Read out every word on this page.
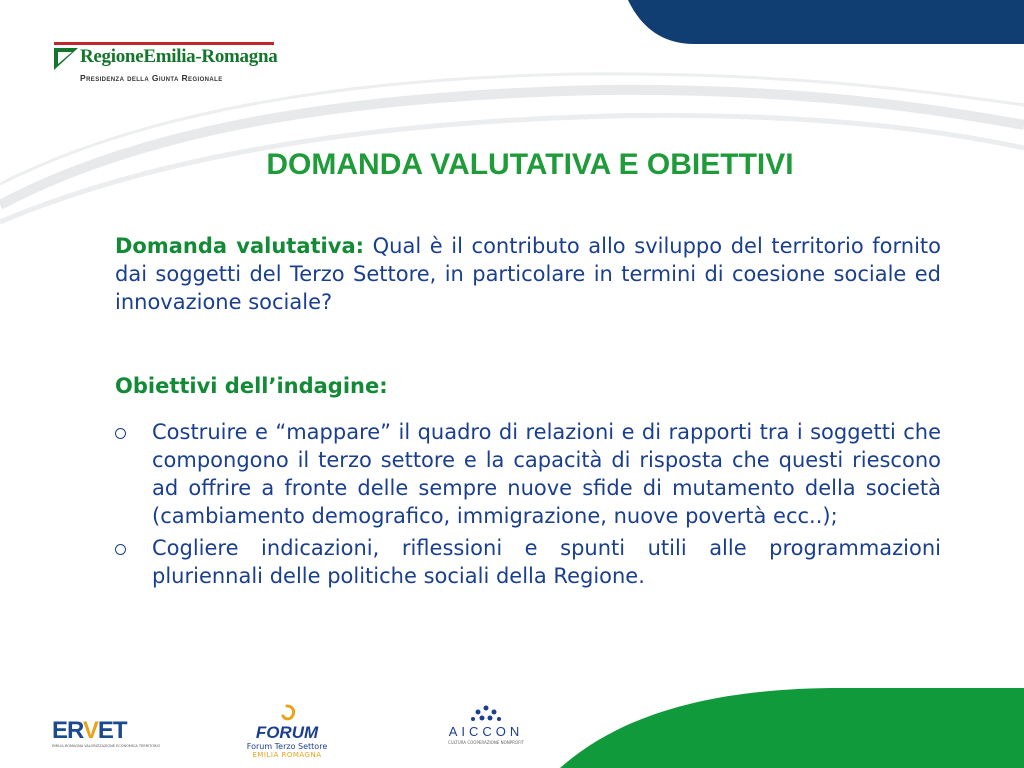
RegioneEmilia-Romagna
Presidenza della Giunta Regionale
DOMANDA VALUTATIVA E OBIETTIVI

Domanda valutativa: Qual è il contributo allo sviluppo del territorio fornito dai soggetti del Terzo Settore, in particolare in termini di coesione sociale ed innovazione sociale?

Obiettivi dell’indagine:

Costruire e “mappare” il quadro di relazioni e di rapporti tra i soggetti che compongono il terzo settore e la capacità di risposta che questi riescono ad offrire a fronte delle sempre nuove sfide di mutamento della società (cambiamento demografico, immigrazione, nuove povertà ecc..);
Cogliere indicazioni, riflessioni e spunti utili alle programmazioni pluriennali delle politiche sociali della Regione.
ERVET
EMILIA-ROMAGNA VALORIZZAZIONE ECONOMICA TERRITORIO
FORUM
Forum Terzo Settore
EMILIA ROMAGNA
AICCON
CULTURA COOPERAZIONE NONPROFIT
